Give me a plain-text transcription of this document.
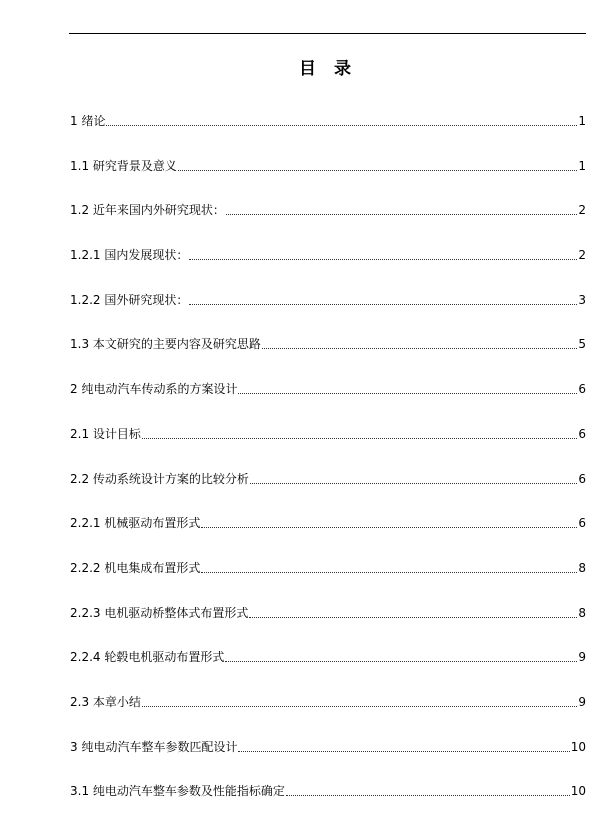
目 录
1 绪论	1
1.1 研究背景及意义	1
1.2 近年来国内外研究现状：	2
1.2.1 国内发展现状：	2
1.2.2 国外研究现状：	3
1.3 本文研究的主要内容及研究思路	5
2 纯电动汽车传动系的方案设计	6
2.1 设计目标	6
2.2 传动系统设计方案的比较分析	6
2.2.1 机械驱动布置形式	6
2.2.2 机电集成布置形式	8
2.2.3 电机驱动桥整体式布置形式	8
2.2.4 轮毂电机驱动布置形式	9
2.3 本章小结	9
3 纯电动汽车整车参数匹配设计	10
3.1 纯电动汽车整车参数及性能指标确定	10
